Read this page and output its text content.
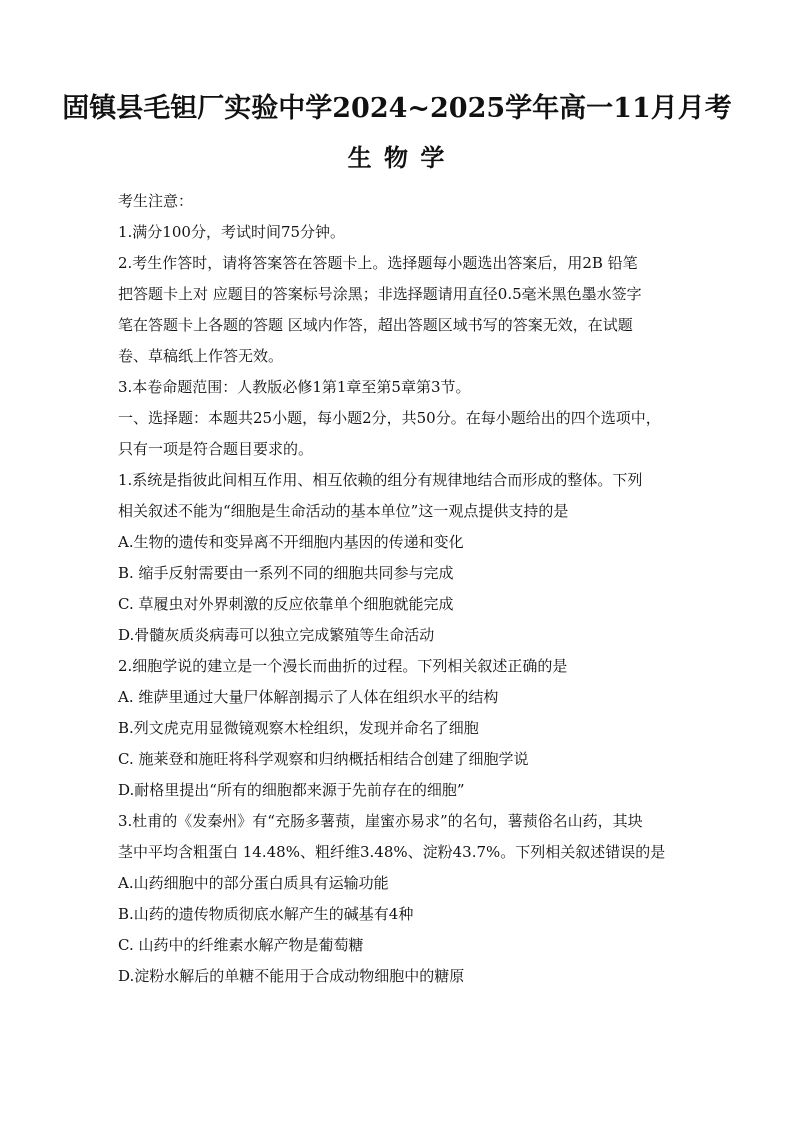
固镇县毛钽厂实验中学2024~2025学年高一11月月考
生 物 学
考生注意：
1.满分100分，考试时间75分钟。
2.考生作答时，请将答案答在答题卡上。选择题每小题选出答案后，用2B 铅笔
把答题卡上对 应题目的答案标号涂黑；非选择题请用直径0.5毫米黑色墨水签字
笔在答题卡上各题的答题 区域内作答，超出答题区域书写的答案无效，在试题
卷、草稿纸上作答无效。
3.本卷命题范围：人教版必修1第1章至第5章第3节。
一、选择题：本题共25小题，每小题2分，共50分。在每小题给出的四个选项中，
只有一项是符合题目要求的。
1.系统是指彼此间相互作用、相互依赖的组分有规律地结合而形成的整体。下列
相关叙述不能为“细胞是生命活动的基本单位”这一观点提供支持的是
A.生物的遗传和变异离不开细胞内基因的传递和变化
B. 缩手反射需要由一系列不同的细胞共同参与完成
C. 草履虫对外界刺激的反应依靠单个细胞就能完成
D.骨髓灰质炎病毒可以独立完成繁殖等生命活动
2.细胞学说的建立是一个漫长而曲折的过程。下列相关叙述正确的是
A. 维萨里通过大量尸体解剖揭示了人体在组织水平的结构
B.列文虎克用显微镜观察木栓组织，发现并命名了细胞
C. 施莱登和施旺将科学观察和归纳概括相结合创建了细胞学说
D.耐格里提出“所有的细胞都来源于先前存在的细胞”
3.杜甫的《发秦州》有“充肠多薯蓣，崖蜜亦易求”的名句，薯蓣俗名山药，其块
茎中平均含粗蛋白 14.48%、粗纤维3.48%、淀粉43.7%。下列相关叙述错误的是
A.山药细胞中的部分蛋白质具有运输功能
B.山药的遗传物质彻底水解产生的碱基有4种
C. 山药中的纤维素水解产物是葡萄糖
D.淀粉水解后的单糖不能用于合成动物细胞中的糖原
